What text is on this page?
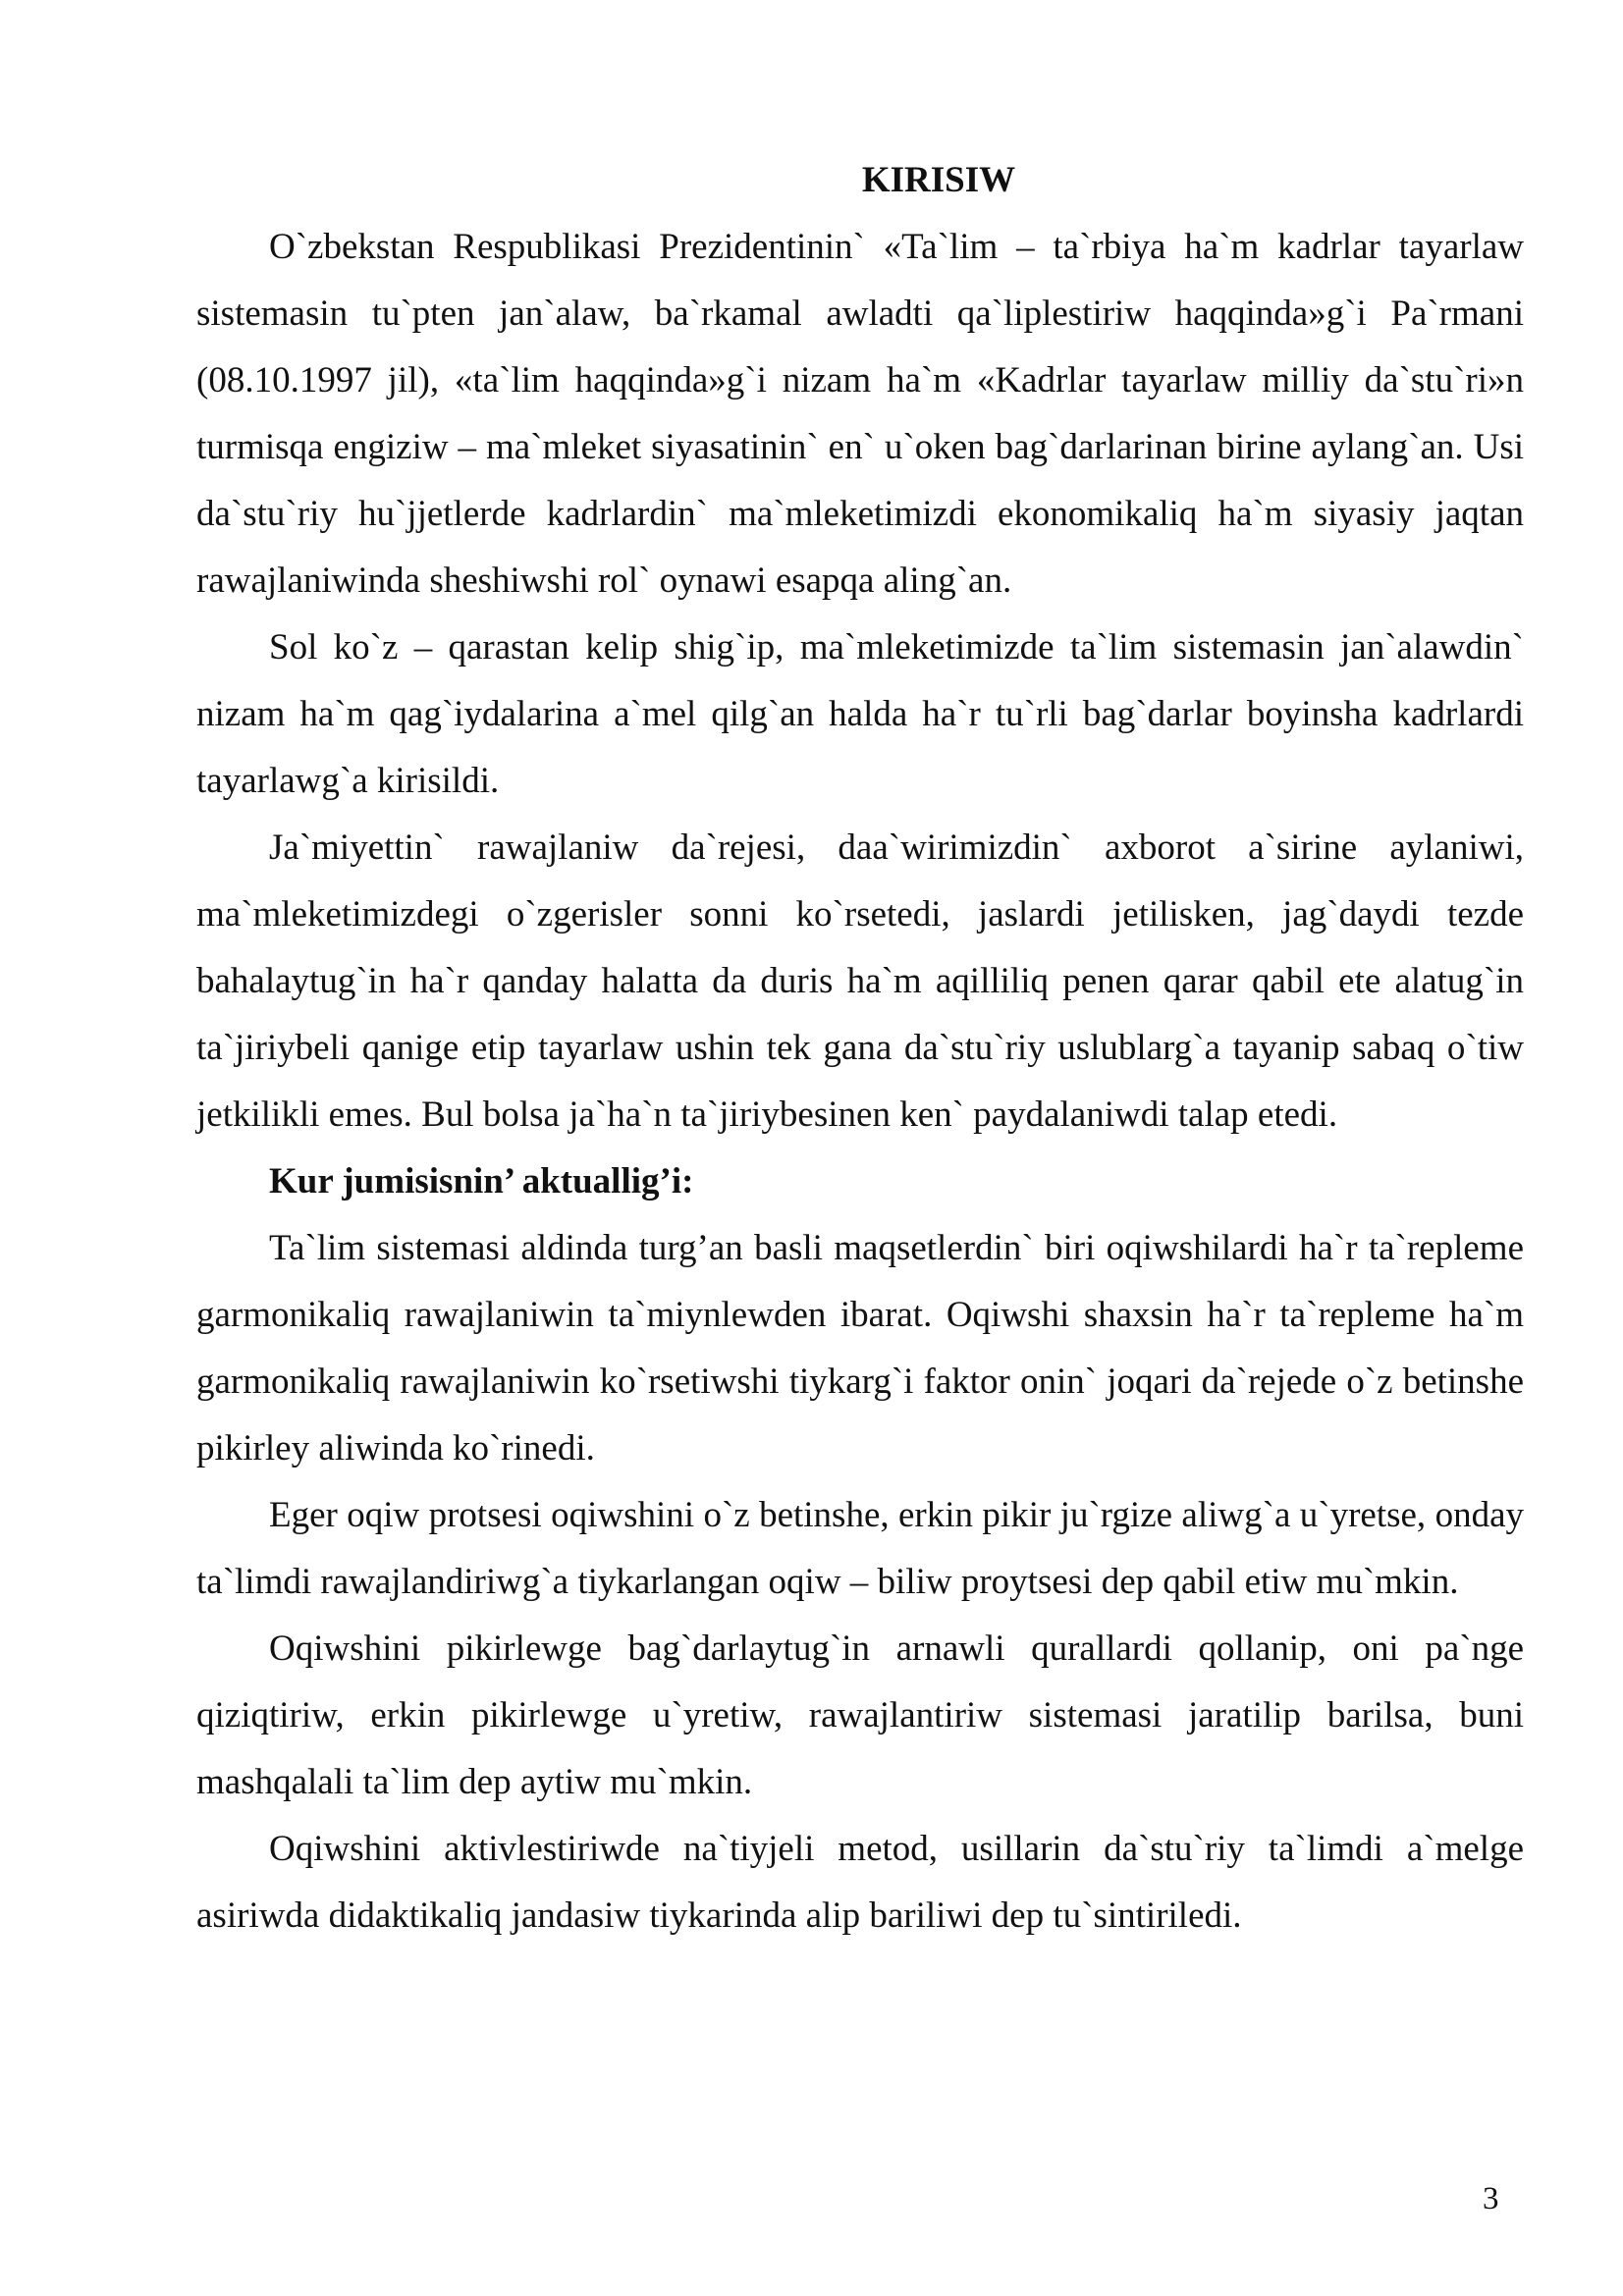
KIRISIW

O`zbekstan Respublikasi Prezidentinin` «Ta`lim – ta`rbiya ha`m kadrlar tayarlaw sistemasin tu`pten jan`alaw, ba`rkamal awladti qa`liplestiriw haqqinda»g`i Pa`rmani (08.10.1997 jil), «ta`lim haqqinda»g`i nizam ha`m «Kadrlar tayarlaw milliy da`stu`ri»n turmisqa engiziw – ma`mleket siyasatinin` en` u`oken bag`darlarinan birine aylang`an. Usi da`stu`riy hu`jjetlerde kadrlardin` ma`mleketimizdi ekonomikaliq ha`m siyasiy jaqtan rawajlaniwinda sheshiwshi rol` oynawi esapqa aling`an.

Sol ko`z – qarastan kelip shig`ip, ma`mleketimizde ta`lim sistemasin jan`alawdin` nizam ha`m qag`iydalarina a`mel qilg`an halda ha`r tu`rli bag`darlar boyinsha kadrlardi tayarlawg`a kirisildi.

Ja`miyettin` rawajlaniw da`rejesi, daa`wirimizdin` axborot a`sirine aylaniwi, ma`mleketimizdegi o`zgerisler sonni ko`rsetedi, jaslardi jetilisken, jag`daydi tezde bahalaytug`in ha`r qanday halatta da duris ha`m aqilliliq penen qarar qabil ete alatug`in ta`jiriybeli qanige etip tayarlaw ushin tek gana da`stu`riy uslublarg`a tayanip sabaq o`tiw jetkilikli emes. Bul bolsa ja`ha`n ta`jiriybesinen ken` paydalaniwdi talap etedi.

Kur jumisisnin’ aktuallig’i:

Ta`lim sistemasi aldinda turg’an basli maqsetlerdin` biri oqiwshilardi ha`r ta`repleme garmonikaliq rawajlaniwin ta`miynlewden ibarat. Oqiwshi shaxsin ha`r ta`repleme ha`m garmonikaliq rawajlaniwin ko`rsetiwshi tiykarg`i faktor onin` joqari da`rejede o`z betinshe pikirley aliwinda ko`rinedi.

Eger oqiw protsesi oqiwshini o`z betinshe, erkin pikir ju`rgize aliwg`a u`yretse, onday ta`limdi rawajlandiriwg`a tiykarlangan oqiw – biliw proytsesi dep qabil etiw mu`mkin.

Oqiwshini pikirlewge bag`darlaytug`in arnawli qurallardi qollanip, oni pa`nge qiziqtiriw, erkin pikirlewge u`yretiw, rawajlantiriw sistemasi jaratilip barilsa, buni mashqalali ta`lim dep aytiw mu`mkin.

Oqiwshini aktivlestiriwde na`tiyjeli metod, usillarin da`stu`riy ta`limdi a`melge asiriwda didaktikaliq jandasiw tiykarinda alip bariliwi dep tu`sintiriledi.

3
